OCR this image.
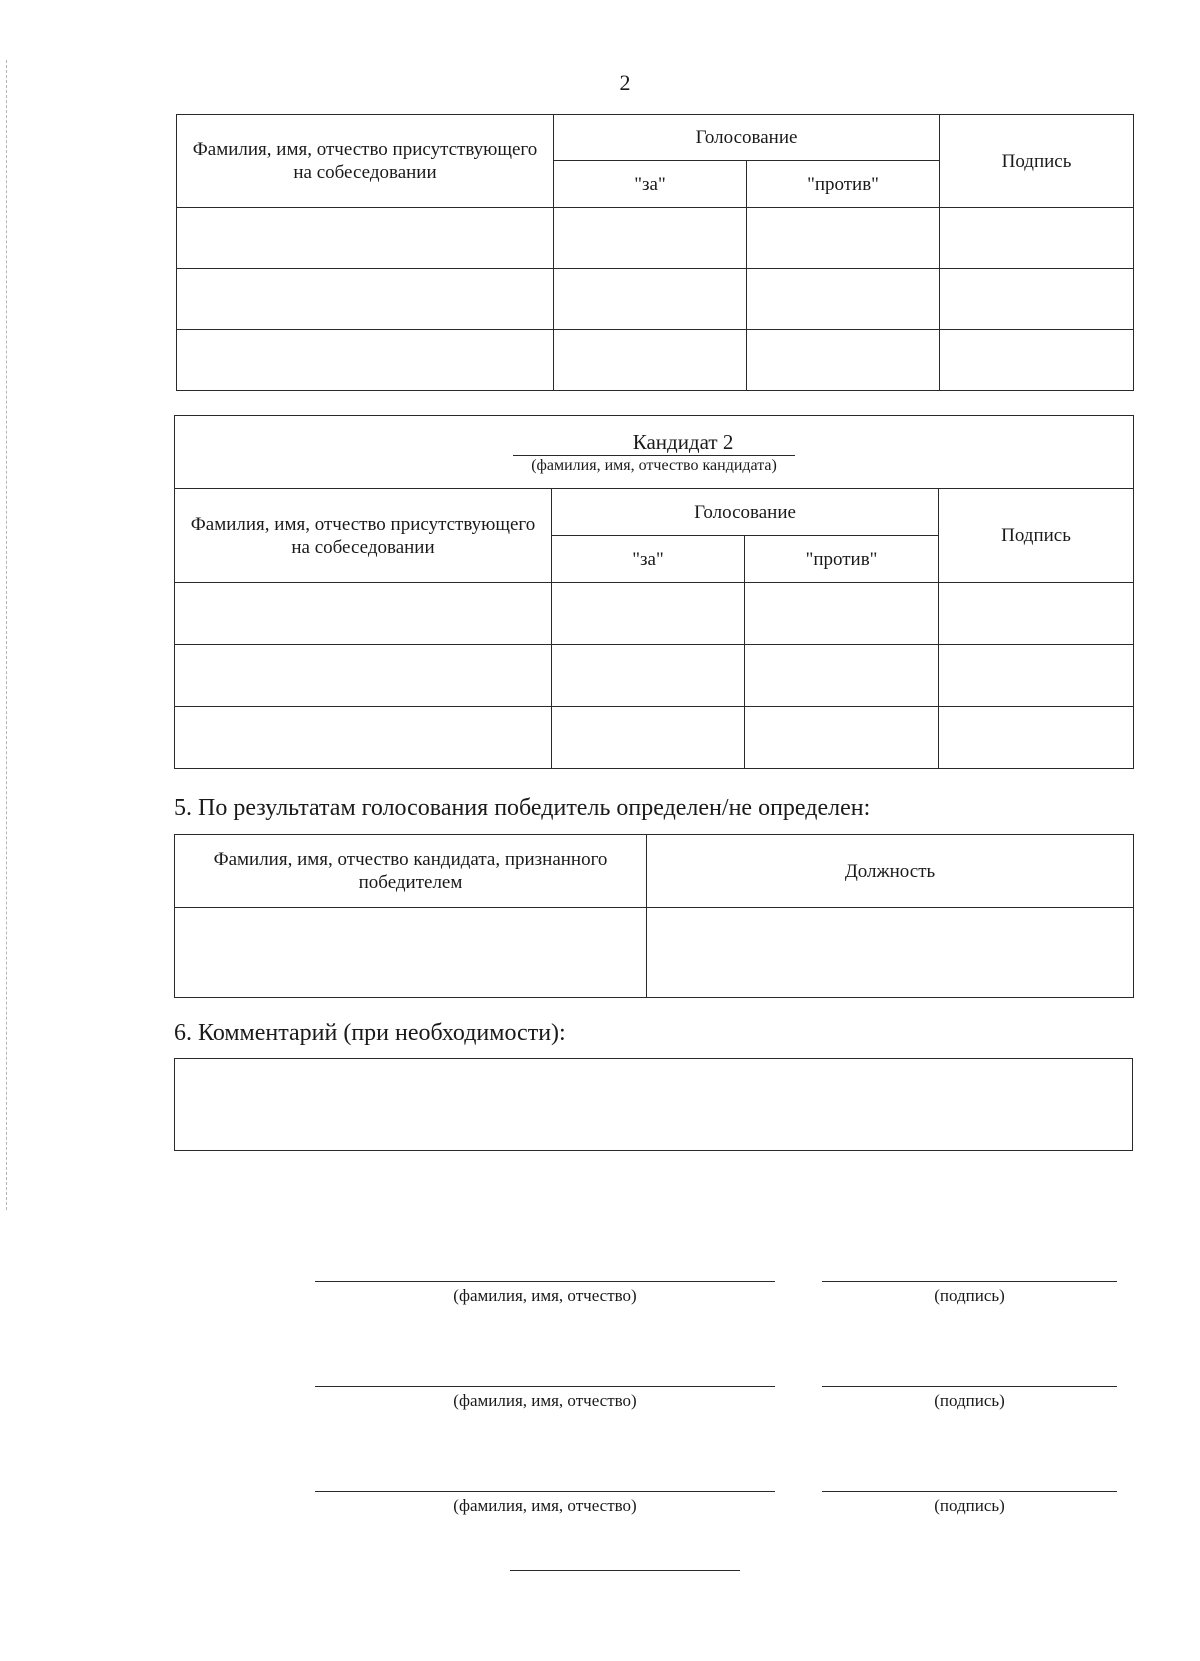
2
Фамилия, имя, отчество присутствующего на собеседовании	Голосование		Подпись
	"за"	"против"	

Кандидат 2
(фамилия, имя, отчество кандидата)			

Фамилия, имя, отчество присутствующего на собеседовании	Голосование		Подпись
	"за"	"против"	

5. По результатам голосования победитель определен/не определен:
Фамилия, имя, отчество кандидата, признанного победителем	Должность

6. Комментарий (при необходимости):
(фамилия, имя, отчество)	(подпись)
(фамилия, имя, отчество)	(подпись)
(фамилия, имя, отчество)	(подпись)
